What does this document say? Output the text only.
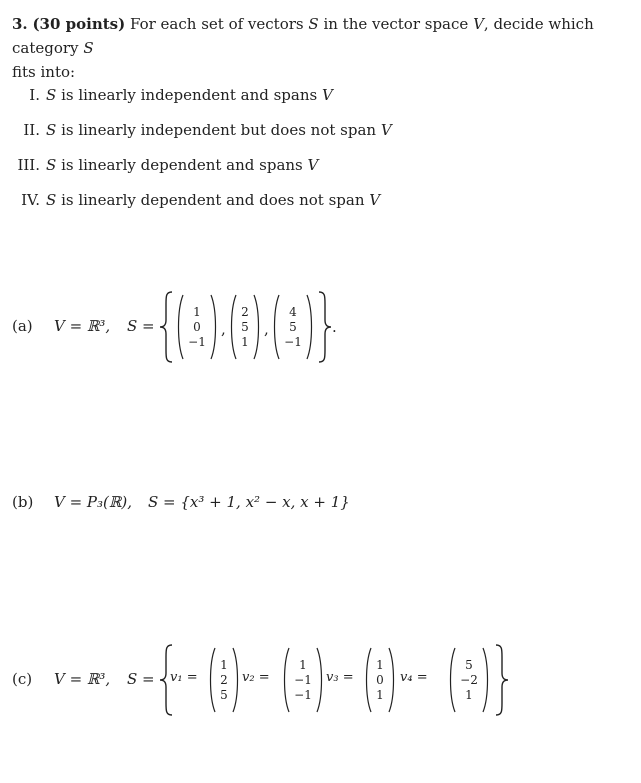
3. (30 points) For each set of vectors S in the vector space V, decide which category S
fits into:
I. S is linearly independent and spans V
II. S is linearly independent but does not span V
III. S is linearly dependent and spans V
IV. S is linearly dependent and does not span V
(a) V = ℝ³, S =
1
0
−1
,
2
5
1
,
4
5
−1
.
(b) V = P₃(ℝ), S = {x³ + 1, x² − x, x + 1}
(c) V = ℝ³, S = v₁ =
1
2
5
v₂ =
1
−1
−1
v₃ =
1
0
1
v₄ =
5
−2
1
